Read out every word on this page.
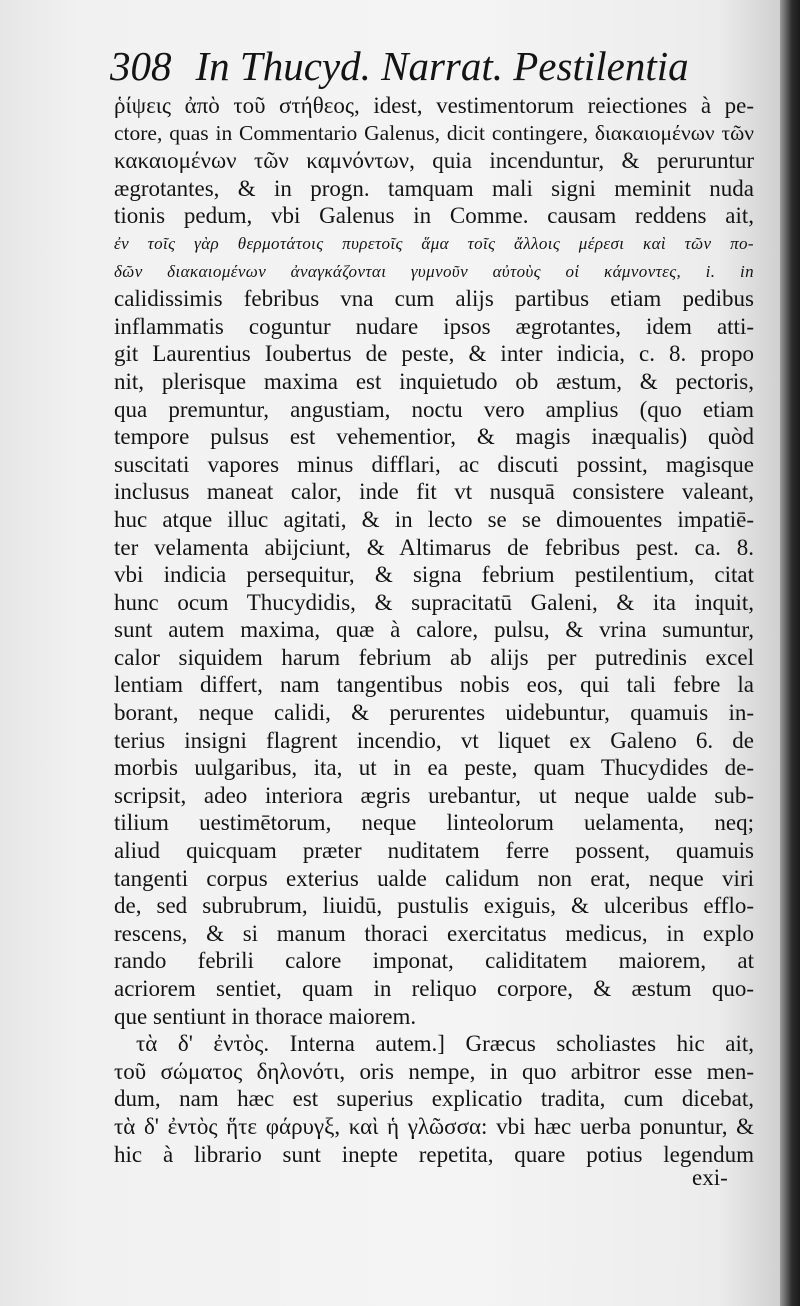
308 In Thucyd. Narrat. Pestilentia
ῥίψεις ἀπὸ τοῦ στήθεος, idest, vestimentorum reiectiones à pe-
ctore, quas in Commentario Galenus, dicit contingere, διακαιομένων τῶν
κακαιομένων τῶν καμνόντων, quia incenduntur, & peruruntur
ægrotantes, & in progn. tamquam mali signi meminit nuda
tionis pedum, vbi Galenus in Comme. causam reddens ait,
ἐν τοῖς γὰρ θερμοτάτοις πυρετοῖς ἅμα τοῖς ἄλλοις μέρεσι καὶ τῶν πο-
δῶν διακαιομένων ἀναγκάζονται γυμνοῦν αὐτοὺς οἱ κάμνοντες, i. in
calidissimis febribus vna cum alijs partibus etiam pedibus
inflammatis coguntur nudare ipsos ægrotantes, idem atti-
git Laurentius Ioubertus de peste, & inter indicia, c. 8. propo
nit, plerisque maxima est inquietudo ob æstum, & pectoris,
qua premuntur, angustiam, noctu vero amplius (quo etiam
tempore pulsus est vehementior, & magis inæqualis) quòd
suscitati vapores minus difflari, ac discuti possint, magisque
inclusus maneat calor, inde fit vt nusquā consistere valeant,
huc atque illuc agitati, & in lecto se se dimouentes impatiē-
ter velamenta abijciunt, & Altimarus de febribus pest. ca. 8.
vbi indicia persequitur, & signa febrium pestilentium, citat
hunc ocum Thucydidis, & supracitatū Galeni, & ita inquit,
sunt autem maxima, quæ à calore, pulsu, & vrina sumuntur,
calor siquidem harum febrium ab alijs per putredinis excel
lentiam differt, nam tangentibus nobis eos, qui tali febre la
borant, neque calidi, & perurentes uidebuntur, quamuis in-
terius insigni flagrent incendio, vt liquet ex Galeno 6. de
morbis uulgaribus, ita, ut in ea peste, quam Thucydides de-
scripsit, adeo interiora ægris urebantur, ut neque ualde sub-
tilium uestimētorum, neque linteolorum uelamenta, neq;
aliud quicquam præter nuditatem ferre possent, quamuis
tangenti corpus exterius ualde calidum non erat, neque viri
de, sed subrubrum, liuidū, pustulis exiguis, & ulceribus efflo-
rescens, & si manum thoraci exercitatus medicus, in explo
rando febrili calore imponat, caliditatem maiorem, at
acriorem sentiet, quam in reliquo corpore, & æstum quo-
que sentiunt in thorace maiorem.
τὰ δ' ἐντὸς. Interna autem.] Græcus scholiastes hic ait,
τοῦ σώματος δηλονότι, oris nempe, in quo arbitror esse men-
dum, nam hæc est superius explicatio tradita, cum dicebat,
τὰ δ' ἐντὸς ἥτε φάρυγξ, καὶ ἡ γλῶσσα: vbi hæc uerba ponuntur, &
hic à librario sunt inepte repetita, quare potius legendum
exi-
